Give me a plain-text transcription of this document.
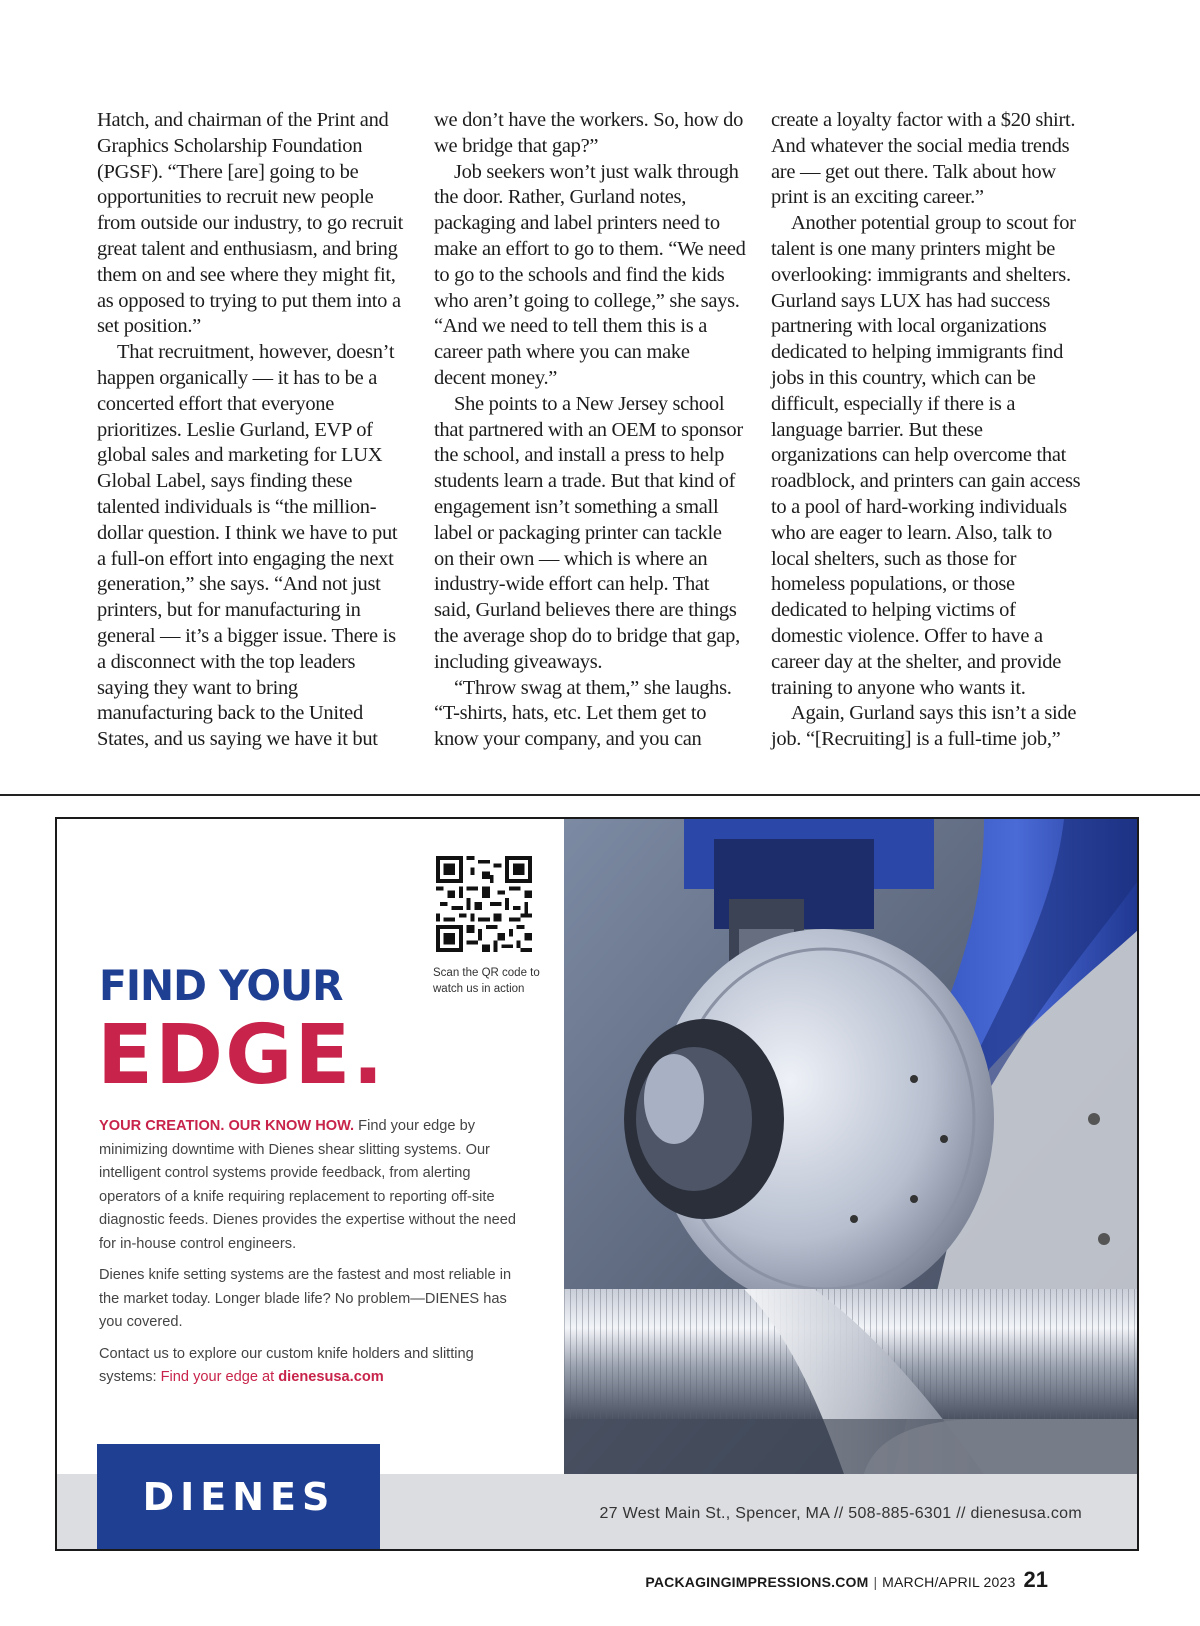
Hatch, and chairman of the Print and Graphics Scholarship Foundation (PGSF). “There [are] going to be opportunities to recruit new people from outside our industry, to go recruit great talent and enthusiasm, and bring them on and see where they might fit, as opposed to trying to put them into a set position.”

That recruitment, however, doesn’t happen organically — it has to be a concerted effort that everyone prioritizes. Leslie Gurland, EVP of global sales and marketing for LUX Global Label, says finding these talented individuals is “the million-dollar question. I think we have to put a full-on effort into engaging the next generation,” she says. “And not just printers, but for manufacturing in general — it’s a bigger issue. There is a disconnect with the top leaders saying they want to bring manufacturing back to the United States, and us saying we have it but

we don’t have the workers. So, how do we bridge that gap?”

Job seekers won’t just walk through the door. Rather, Gurland notes, packaging and label printers need to make an effort to go to them. “We need to go to the schools and find the kids who aren’t going to college,” she says. “And we need to tell them this is a career path where you can make decent money.”

She points to a New Jersey school that partnered with an OEM to sponsor the school, and install a press to help students learn a trade. But that kind of engagement isn’t something a small label or packaging printer can tackle on their own — which is where an industry-wide effort can help. That said, Gurland believes there are things the average shop do to bridge that gap, including giveaways.

“Throw swag at them,” she laughs. “T-shirts, hats, etc. Let them get to know your company, and you can

create a loyalty factor with a $20 shirt. And whatever the social media trends are — get out there. Talk about how print is an exciting career.”

Another potential group to scout for talent is one many printers might be overlooking: immigrants and shelters. Gurland says LUX has had success partnering with local organizations dedicated to helping immigrants find jobs in this country, which can be difficult, especially if there is a language barrier. But these organizations can help overcome that roadblock, and printers can gain access to a pool of hard-working individuals who are eager to learn. Also, talk to local shelters, such as those for homeless populations, or those dedicated to helping victims of domestic violence. Offer to have a career day at the shelter, and provide training to anyone who wants it.

Again, Gurland says this isn’t a side job. “[Recruiting] is a full-time job,”

Scan the QR code to watch us in action
FIND YOUR
EDGE.

YOUR CREATION. OUR KNOW HOW. Find your edge by minimizing downtime with Dienes shear slitting systems. Our intelligent control systems provide feedback, from alerting operators of a knife requiring replacement to reporting off-site diagnostic feeds. Dienes provides the expertise without the need for in-house control engineers.

Dienes knife setting systems are the fastest and most reliable in the market today. Longer blade life? No problem—DIENES has you covered.

Contact us to explore our custom knife holders and slitting systems: Find your edge at dienesusa.com

DIENES	27 West Main St., Spencer, MA // 508-885-6301 // dienesusa.com
PACKAGINGIMPRESSIONS.COM | MARCH/APRIL 2023 21
